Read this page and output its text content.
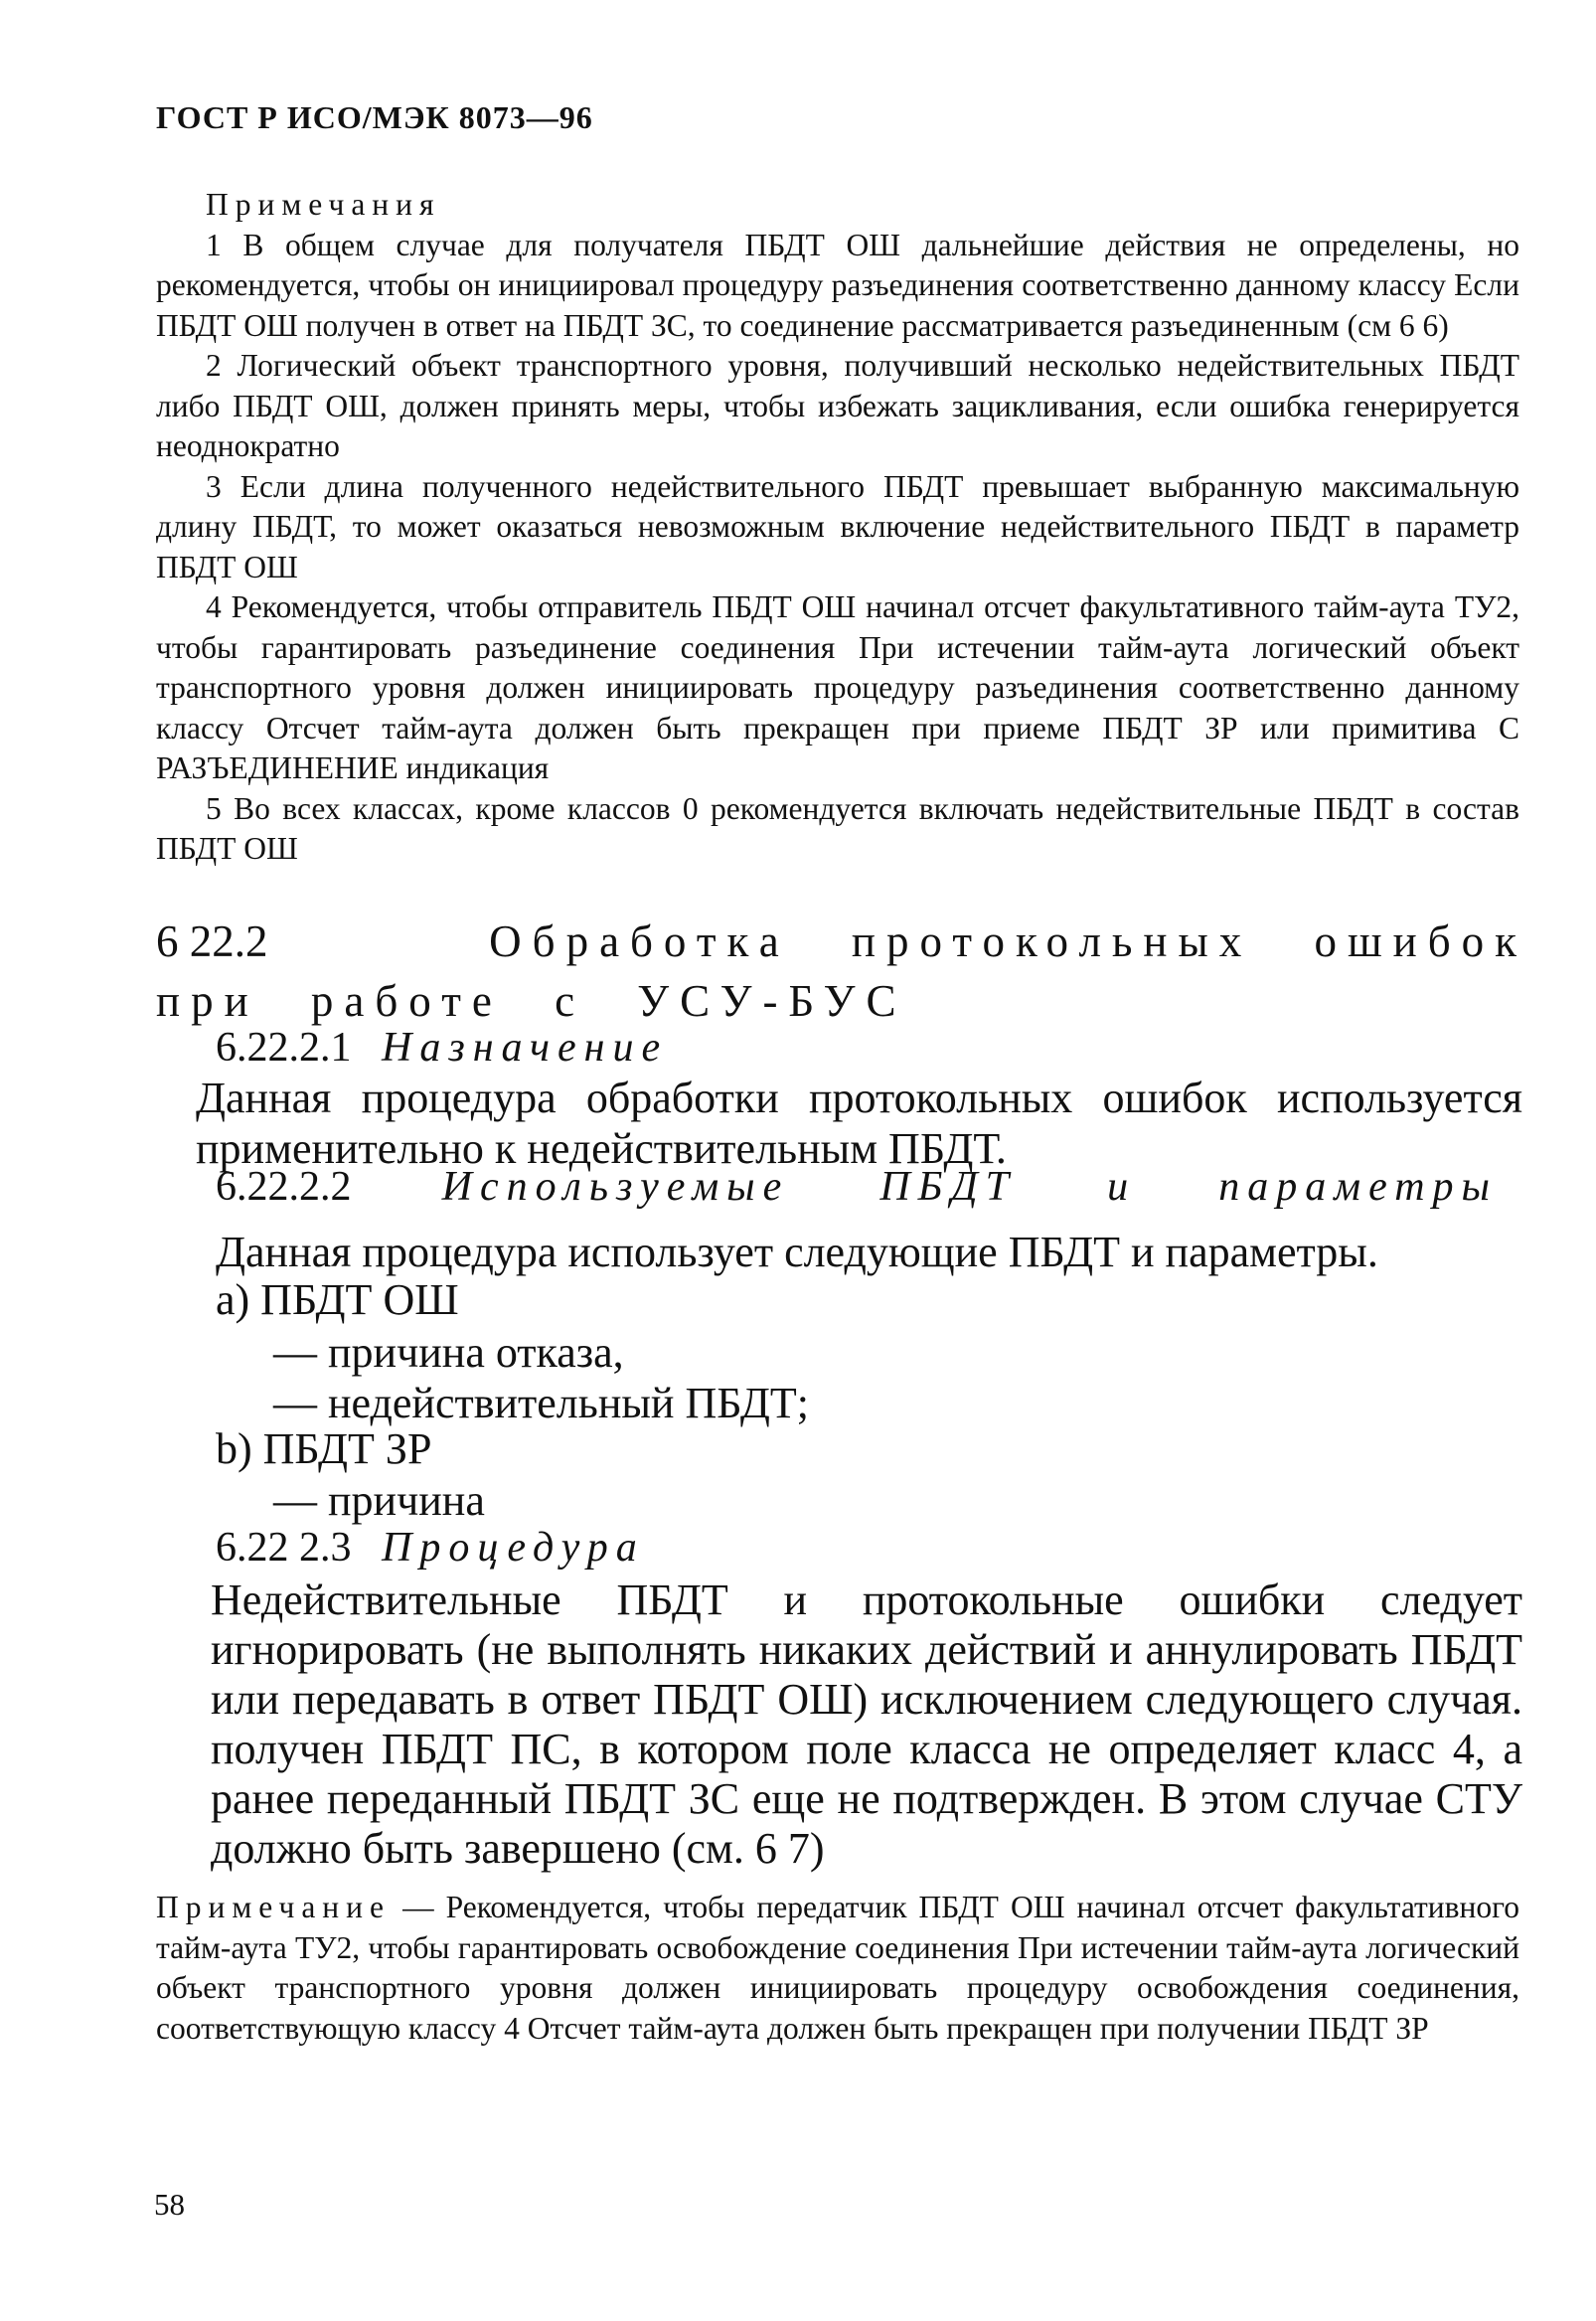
ГОСТ Р ИСО/МЭК 8073—96

Примечания

1 В общем случае для получателя ПБДТ ОШ дальнейшие действия не определены, но рекомендуется, чтобы он инициировал процедуру разъединения соответственно данному классу Если ПБДТ ОШ получен в ответ на ПБДТ ЗС, то соединение рассматривается разъединенным (см 6 6)

2 Логический объект транспортного уровня, получивший несколько недействительных ПБДТ либо ПБДТ ОШ, должен принять меры, чтобы избежать зацикливания, если ошибка генерируется неоднократно

3 Если длина полученного недействительного ПБДТ превышает выбранную максимальную длину ПБДТ, то может оказаться невозможным включение недействительного ПБДТ в параметр ПБДТ ОШ

4 Рекомендуется, чтобы отправитель ПБДТ ОШ начинал отсчет факультативного тайм-аута ТУ2, чтобы гарантировать разъединение соединения При истечении тайм-аута логический объект транспортного уровня должен инициировать процедуру разъединения соответственно данному классу Отсчет тайм-аута должен быть прекращен при приеме ПБДТ ЗР или примитива С РАЗЪЕДИНЕНИЕ индикация

5 Во всех классах, кроме классов 0 рекомендуется включать недействительные ПБДТ в состав ПБДТ ОШ

6 22.2	Обработка протокольных ошибок
при работе с УСУ-БУС
6.22.2.1 Назначение
Данная процедура обработки протокольных ошибок используется применительно к недействительным ПБДТ.
6.22.2.2 Используемые ПБДТ и параметры
Данная процедура использует следующие ПБДТ и параметры.
а) ПБДТ ОШ
— причина отказа,
— недействительный ПБДТ;
b) ПБДТ ЗР
— причина
6.22 2.3 Процедура
Недействительные ПБДТ и протокольные ошибки следует игнорировать (не выполнять никаких действий и аннулировать ПБДТ или передавать в ответ ПБДТ ОШ) исключением следующего случая. получен ПБДТ ПС, в котором поле класса не определяет класс 4, а ранее переданный ПБДТ ЗС еще не подтвержден. В этом случае СТУ должно быть завершено (см. 6 7)

Примечание — Рекомендуется, чтобы передатчик ПБДТ ОШ начинал отсчет факультативного тайм-аута ТУ2, чтобы гарантировать освобождение соединения При истечении тайм-аута логический объект транспортного уровня должен инициировать процедуру освобождения соединения, соответствующую классу 4 Отсчет тайм-аута должен быть прекращен при получении ПБДТ ЗР

58
